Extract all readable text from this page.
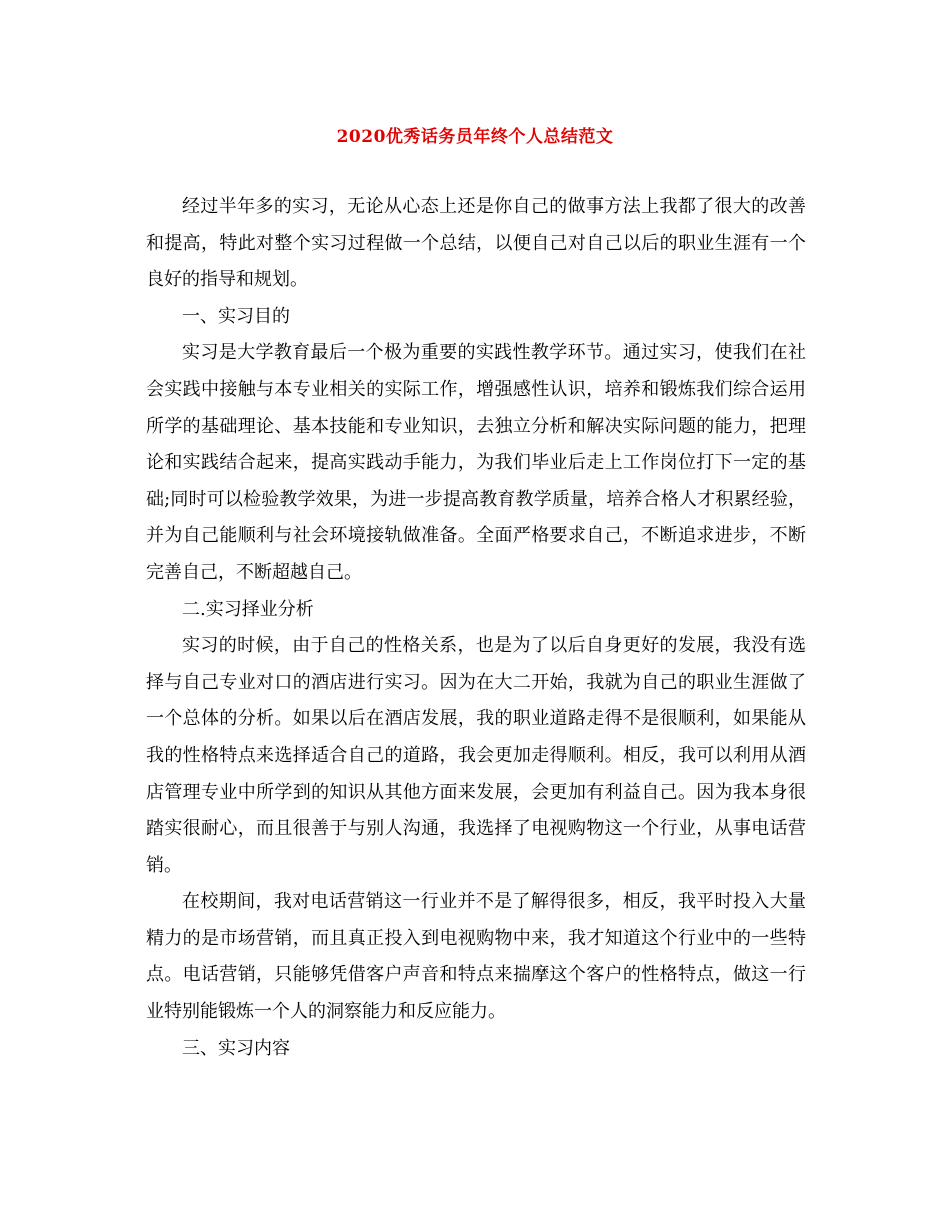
2020优秀话务员年终个人总结范文

经过半年多的实习，无论从心态上还是你自己的做事方法上我都了很大的改善和提高，特此对整个实习过程做一个总结，以便自己对自己以后的职业生涯有一个良好的指导和规划。

一、实习目的

实习是大学教育最后一个极为重要的实践性教学环节。通过实习，使我们在社会实践中接触与本专业相关的实际工作，增强感性认识，培养和锻炼我们综合运用所学的基础理论、基本技能和专业知识，去独立分析和解决实际问题的能力，把理论和实践结合起来，提高实践动手能力，为我们毕业后走上工作岗位打下一定的基础;同时可以检验教学效果，为进一步提高教育教学质量，培养合格人才积累经验，并为自己能顺利与社会环境接轨做准备。全面严格要求自己，不断追求进步，不断完善自己，不断超越自己。

二.实习择业分析

实习的时候，由于自己的性格关系，也是为了以后自身更好的发展，我没有选择与自己专业对口的酒店进行实习。因为在大二开始，我就为自己的职业生涯做了一个总体的分析。如果以后在酒店发展，我的职业道路走得不是很顺利，如果能从我的性格特点来选择适合自己的道路，我会更加走得顺利。相反，我可以利用从酒店管理专业中所学到的知识从其他方面来发展，会更加有利益自己。因为我本身很踏实很耐心，而且很善于与别人沟通，我选择了电视购物这一个行业，从事电话营销。

在校期间，我对电话营销这一行业并不是了解得很多，相反，我平时投入大量精力的是市场营销，而且真正投入到电视购物中来，我才知道这个行业中的一些特点。电话营销，只能够凭借客户声音和特点来揣摩这个客户的性格特点，做这一行业特别能锻炼一个人的洞察能力和反应能力。

三、实习内容
